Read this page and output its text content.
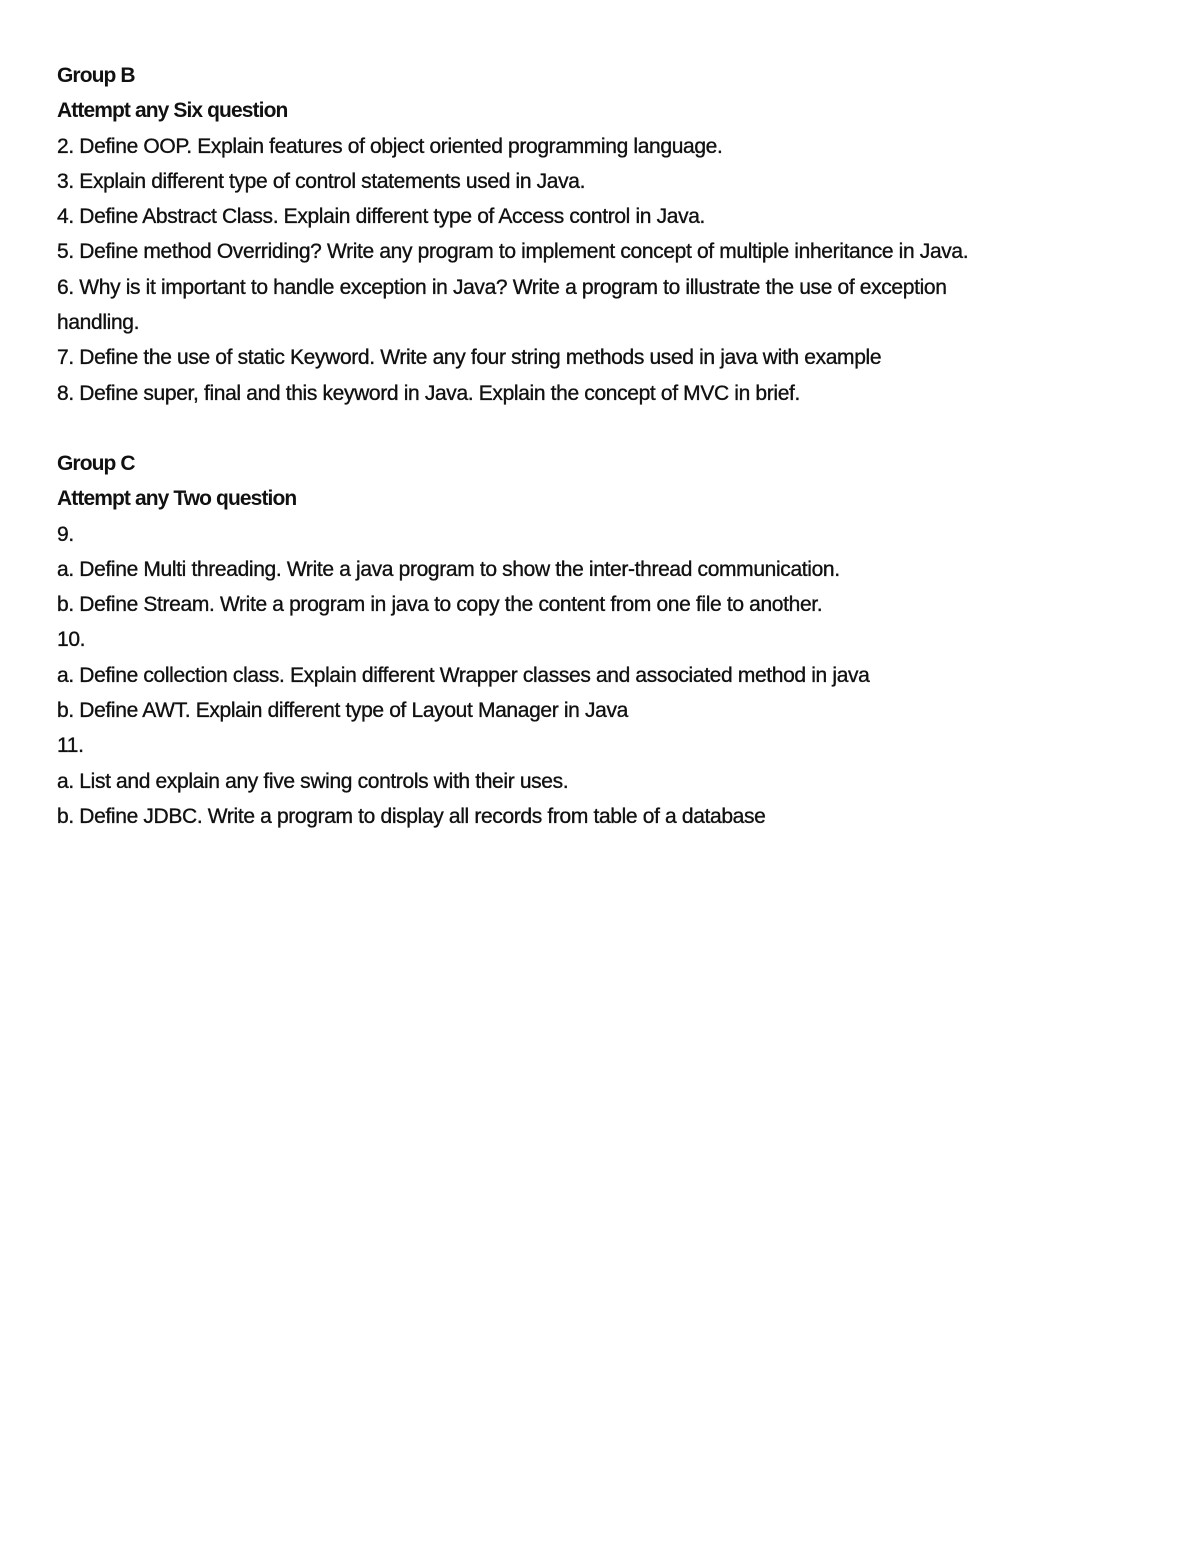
Group B
Attempt any Six question
2. Define OOP. Explain features of object oriented programming language.
3. Explain different type of control statements used in Java.
4. Define Abstract Class. Explain different type of Access control in Java.
5. Define method Overriding? Write any program to implement concept of multiple inheritance in Java.
6. Why is it important to handle exception in Java? Write a program to illustrate the use of exception
handling.
7. Define the use of static Keyword. Write any four string methods used in java with example
8. Define super, final and this keyword in Java. Explain the concept of MVC in brief.
Group C
Attempt any Two question
9.
a. Define Multi threading. Write a java program to show the inter-thread communication.
b. Define Stream. Write a program in java to copy the content from one file to another.
10.
a. Define collection class. Explain different Wrapper classes and associated method in java
b. Define AWT. Explain different type of Layout Manager in Java
11.
a. List and explain any five swing controls with their uses.
b. Define JDBC. Write a program to display all records from table of a database
